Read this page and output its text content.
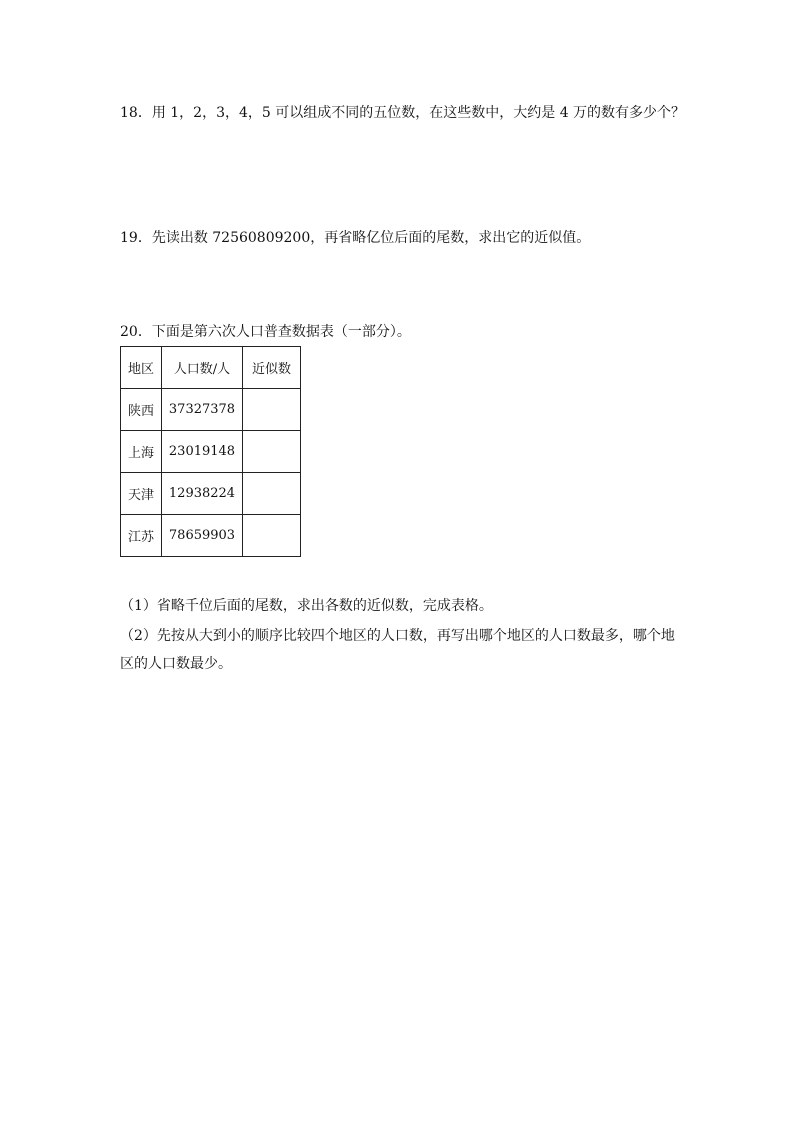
18．用 1，2，3，4，5 可以组成不同的五位数，在这些数中，大约是 4 万的数有多少个？
19．先读出数 72560809200，再省略亿位后面的尾数，求出它的近似值。
20．下面是第六次人口普查数据表（一部分）。
地区	人口数/人	近似数
陕西	37327378	
上海	23019148	
天津	12938224	
江苏	78659903	
（1）省略千位后面的尾数，求出各数的近似数，完成表格。
（2）先按从大到小的顺序比较四个地区的人口数，再写出哪个地区的人口数最多，哪个地区的人口数最少。
